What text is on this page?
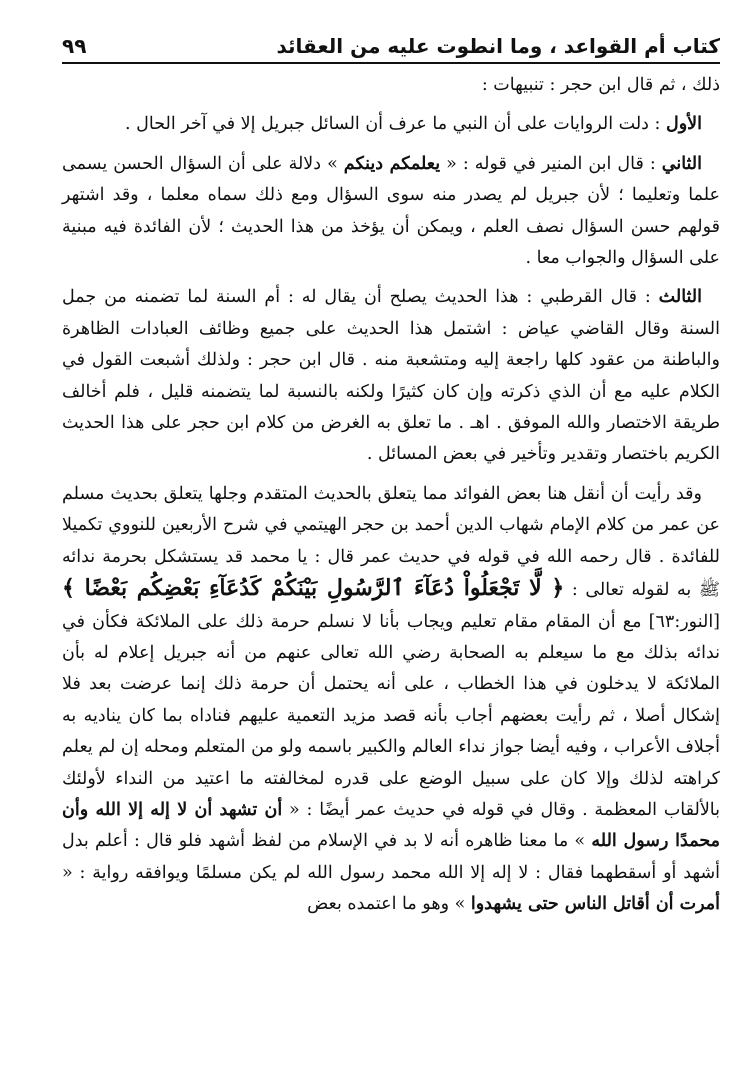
كتاب أم القواعد ، وما انطوت عليه من العقائد
٩٩

ذلك ، ثم قال ابن حجر : تنبيهات :

الأول : دلت الروايات على أن النبي ما عرف أن السائل جبريل إلا في آخر الحال .

الثاني : قال ابن المنير في قوله : « يعلمكم دينكم » دلالة على أن السؤال الحسن يسمى علما وتعليما ؛ لأن جبريل لم يصدر منه سوى السؤال ومع ذلك سماه معلما ، وقد اشتهر قولهم حسن السؤال نصف العلم ، ويمكن أن يؤخذ من هذا الحديث ؛ لأن الفائدة فيه مبنية على السؤال والجواب معا .

الثالث : قال القرطبي : هذا الحديث يصلح أن يقال له : أم السنة لما تضمنه من جمل السنة وقال القاضي عياض : اشتمل هذا الحديث على جميع وظائف العبادات الظاهرة والباطنة من عقود كلها راجعة إليه ومتشعبة منه . قال ابن حجر : ولذلك أشبعت القول في الكلام عليه مع أن الذي ذكرته وإن كان كثيرًا ولكنه بالنسبة لما يتضمنه قليل ، فلم أخالف طريقة الاختصار والله الموفق . اهـ . ما تعلق به الغرض من كلام ابن حجر على هذا الحديث الكريم باختصار وتقدير وتأخير في بعض المسائل .

وقد رأيت أن أنقل هنا بعض الفوائد مما يتعلق بالحديث المتقدم وجلها يتعلق بحديث مسلم عن عمر من كلام الإمام شهاب الدين أحمد بن حجر الهيتمي في شرح الأربعين للنووي تكميلا للفائدة . قال رحمه الله في قوله في حديث عمر قال : يا محمد قد يستشكل بحرمة ندائه ﷺ به لقوله تعالى : ﴿ لَّا تَجْعَلُواْ دُعَآءَ ٱلرَّسُولِ بَيْنَكُمْ كَدُعَآءِ بَعْضِكُم بَعْضًا ﴾ [النور:٦٣] مع أن المقام مقام تعليم ويجاب بأنا لا نسلم حرمة ذلك على الملائكة فكأن في ندائه بذلك مع ما سيعلم به الصحابة رضي الله تعالى عنهم من أنه جبريل إعلام له بأن الملائكة لا يدخلون في هذا الخطاب ، على أنه يحتمل أن حرمة ذلك إنما عرضت بعد فلا إشكال أصلا ، ثم رأيت بعضهم أجاب بأنه قصد مزيد التعمية عليهم فناداه بما كان يناديه به أجلاف الأعراب ، وفيه أيضا جواز نداء العالم والكبير باسمه ولو من المتعلم ومحله إن لم يعلم كراهته لذلك وإلا كان على سبيل الوضع على قدره لمخالفته ما اعتيد من النداء لأولئك بالألقاب المعظمة . وقال في قوله في حديث عمر أيضًا : « أن تشهد أن لا إله إلا الله وأن محمدًا رسول الله » ما معنا ظاهره أنه لا بد في الإسلام من لفظ أشهد فلو قال : أعلم بدل أشهد أو أسقطهما فقال : لا إله إلا الله محمد رسول الله لم يكن مسلمًا ويوافقه رواية : « أمرت أن أقاتل الناس حتى يشهدوا » وهو ما اعتمده بعض
